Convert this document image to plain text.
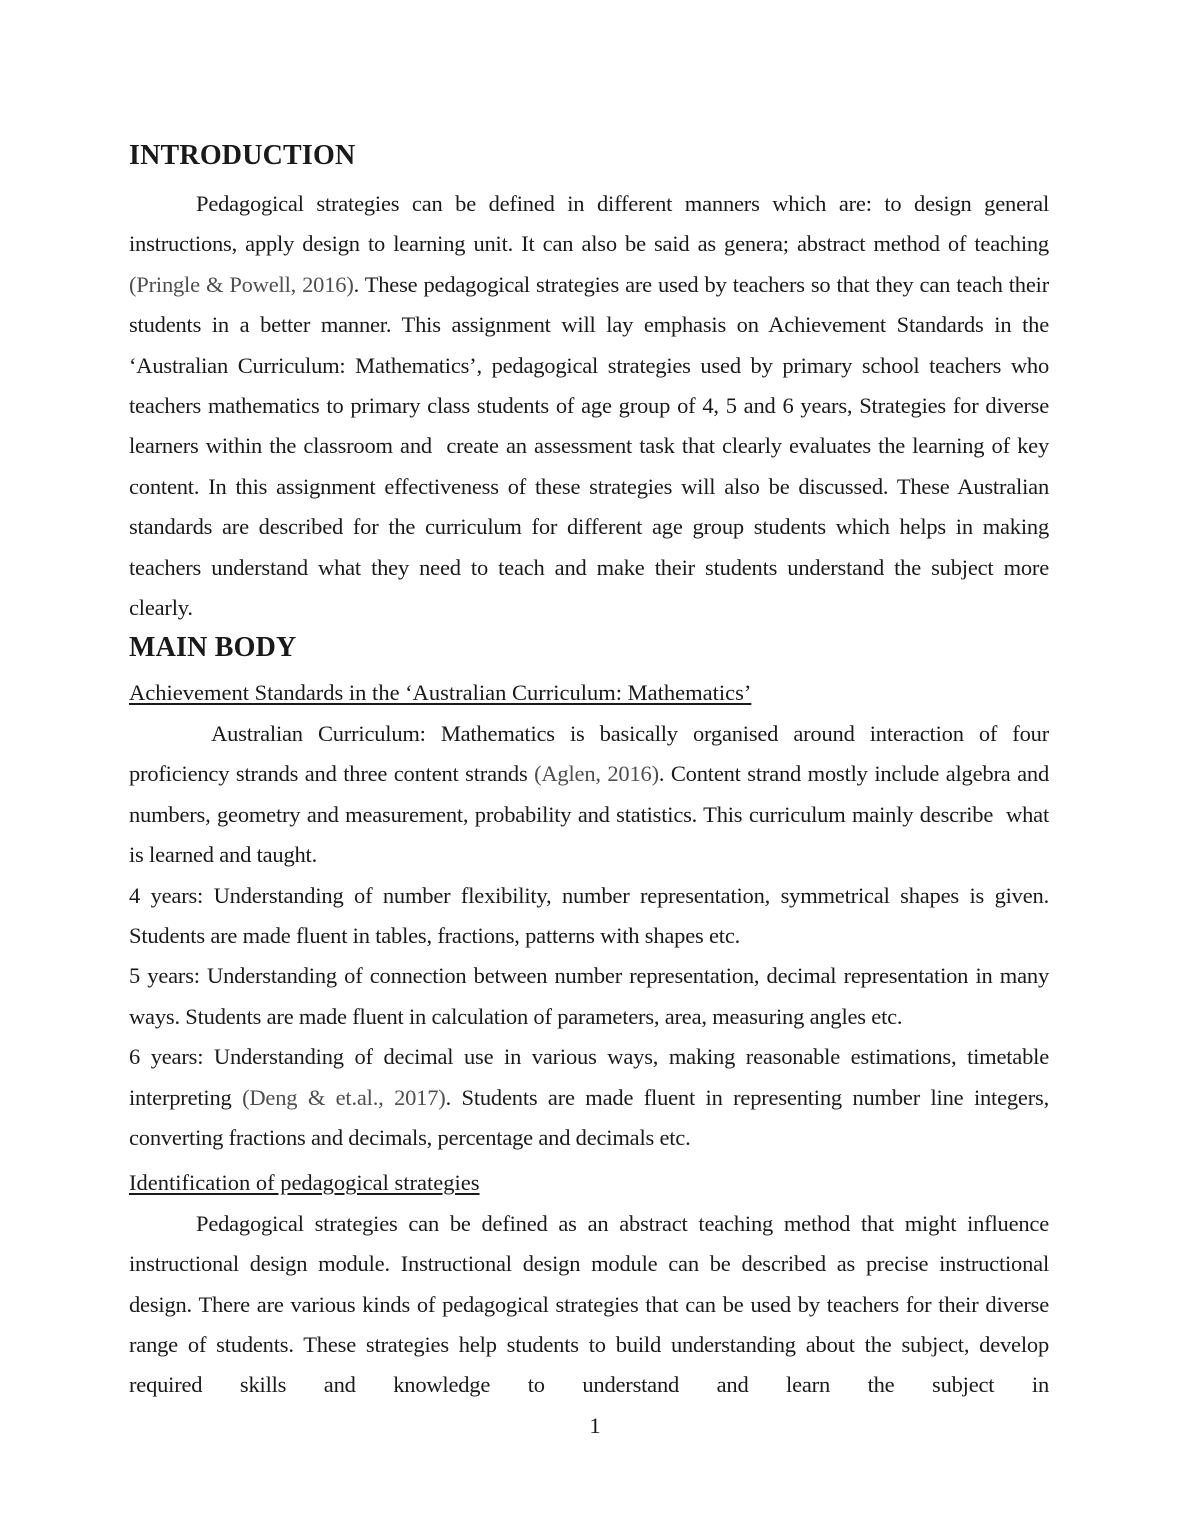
INTRODUCTION

Pedagogical strategies can be defined in different manners which are: to design general instructions, apply design to learning unit. It can also be said as genera; abstract method of teaching (Pringle & Powell, 2016). These pedagogical strategies are used by teachers so that they can teach their students in a better manner. This assignment will lay emphasis on Achievement Standards in the ‘Australian Curriculum: Mathematics’, pedagogical strategies used by primary school teachers who teachers mathematics to primary class students of age group of 4, 5 and 6 years, Strategies for diverse learners within the classroom and  create an assessment task that clearly evaluates the learning of key content. In this assignment effectiveness of these strategies will also be discussed. These Australian standards are described for the curriculum for different age group students which helps in making teachers understand what they need to teach and make their students understand the subject more clearly.

MAIN BODY
Achievement Standards in the ‘Australian Curriculum: Mathematics’

Australian Curriculum: Mathematics is basically organised around interaction of four proficiency strands and three content strands (Aglen, 2016). Content strand mostly include algebra and numbers, geometry and measurement, probability and statistics. This curriculum mainly describe  what is learned and taught.

4 years: Understanding of number flexibility, number representation, symmetrical shapes is given. Students are made fluent in tables, fractions, patterns with shapes etc.

5 years: Understanding of connection between number representation, decimal representation in many ways. Students are made fluent in calculation of parameters, area, measuring angles etc.

6 years: Understanding of decimal use in various ways, making reasonable estimations, timetable interpreting (Deng & et.al., 2017). Students are made fluent in representing number line integers, converting fractions and decimals, percentage and decimals etc.

Identification of pedagogical strategies

Pedagogical strategies can be defined as an abstract teaching method that might influence instructional design module. Instructional design module can be described as precise instructional design. There are various kinds of pedagogical strategies that can be used by teachers for their diverse range of students. These strategies help students to build understanding about the subject, develop required skills and knowledge to understand and learn the subject in

1
